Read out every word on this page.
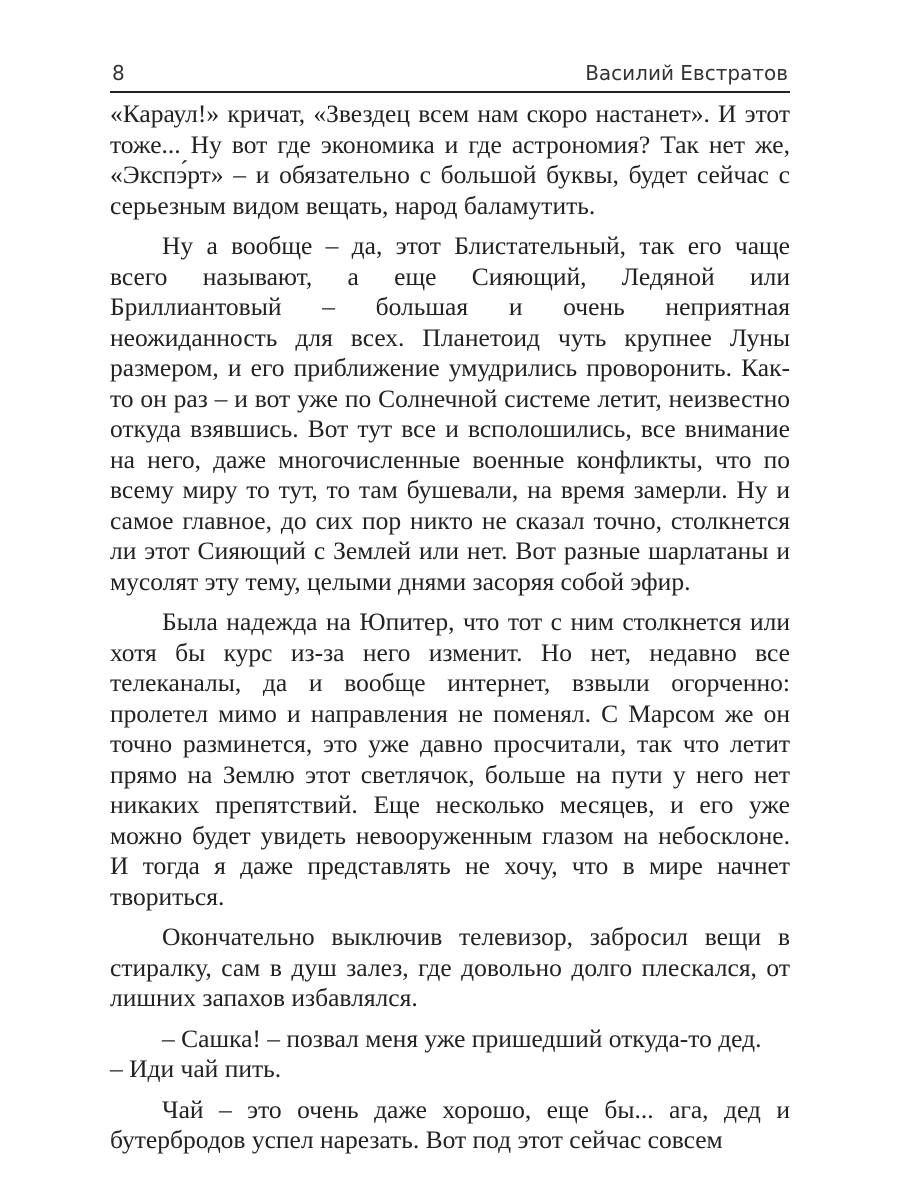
8	Василий Евстратов

«Караул!» кричат, «Звездец всем нам скоро настанет». И этот тоже... Ну вот где экономика и где астрономия? Так нет же, «Экспэ́рт» – и обязательно с большой буквы, будет сейчас с серьезным видом вещать, народ баламутить.

Ну а вообще – да, этот Блистательный, так его чаще всего называют, а еще Сияющий, Ледяной или Бриллиантовый – большая и очень неприятная неожиданность для всех. Планетоид чуть крупнее Луны размером, и его приближение умудрились проворонить. Как-то он раз – и вот уже по Солнечной системе летит, неизвестно откуда взявшись. Вот тут все и всполошились, все внимание на него, даже многочисленные военные конфликты, что по всему миру то тут, то там бушевали, на время замерли. Ну и самое главное, до сих пор никто не сказал точно, столкнется ли этот Сияющий с Землей или нет. Вот разные шарлатаны и мусолят эту тему, целыми днями засоряя собой эфир.

Была надежда на Юпитер, что тот с ним столкнется или хотя бы курс из-за него изменит. Но нет, недавно все телеканалы, да и вообще интернет, взвыли огорченно: пролетел мимо и направления не поменял. С Марсом же он точно разминется, это уже давно просчитали, так что летит прямо на Землю этот светлячок, больше на пути у него нет никаких препятствий. Еще несколько месяцев, и его уже можно будет увидеть невооруженным глазом на небосклоне. И тогда я даже представлять не хочу, что в мире начнет твориться.

Окончательно выключив телевизор, забросил вещи в стиралку, сам в душ залез, где довольно долго плескался, от лишних запахов избавлялся.

– Сашка! – позвал меня уже пришедший откуда-то дед.

– Иди чай пить.

Чай – это очень даже хорошо, еще бы... ага, дед и бутербродов успел нарезать. Вот под этот сейчас совсем
